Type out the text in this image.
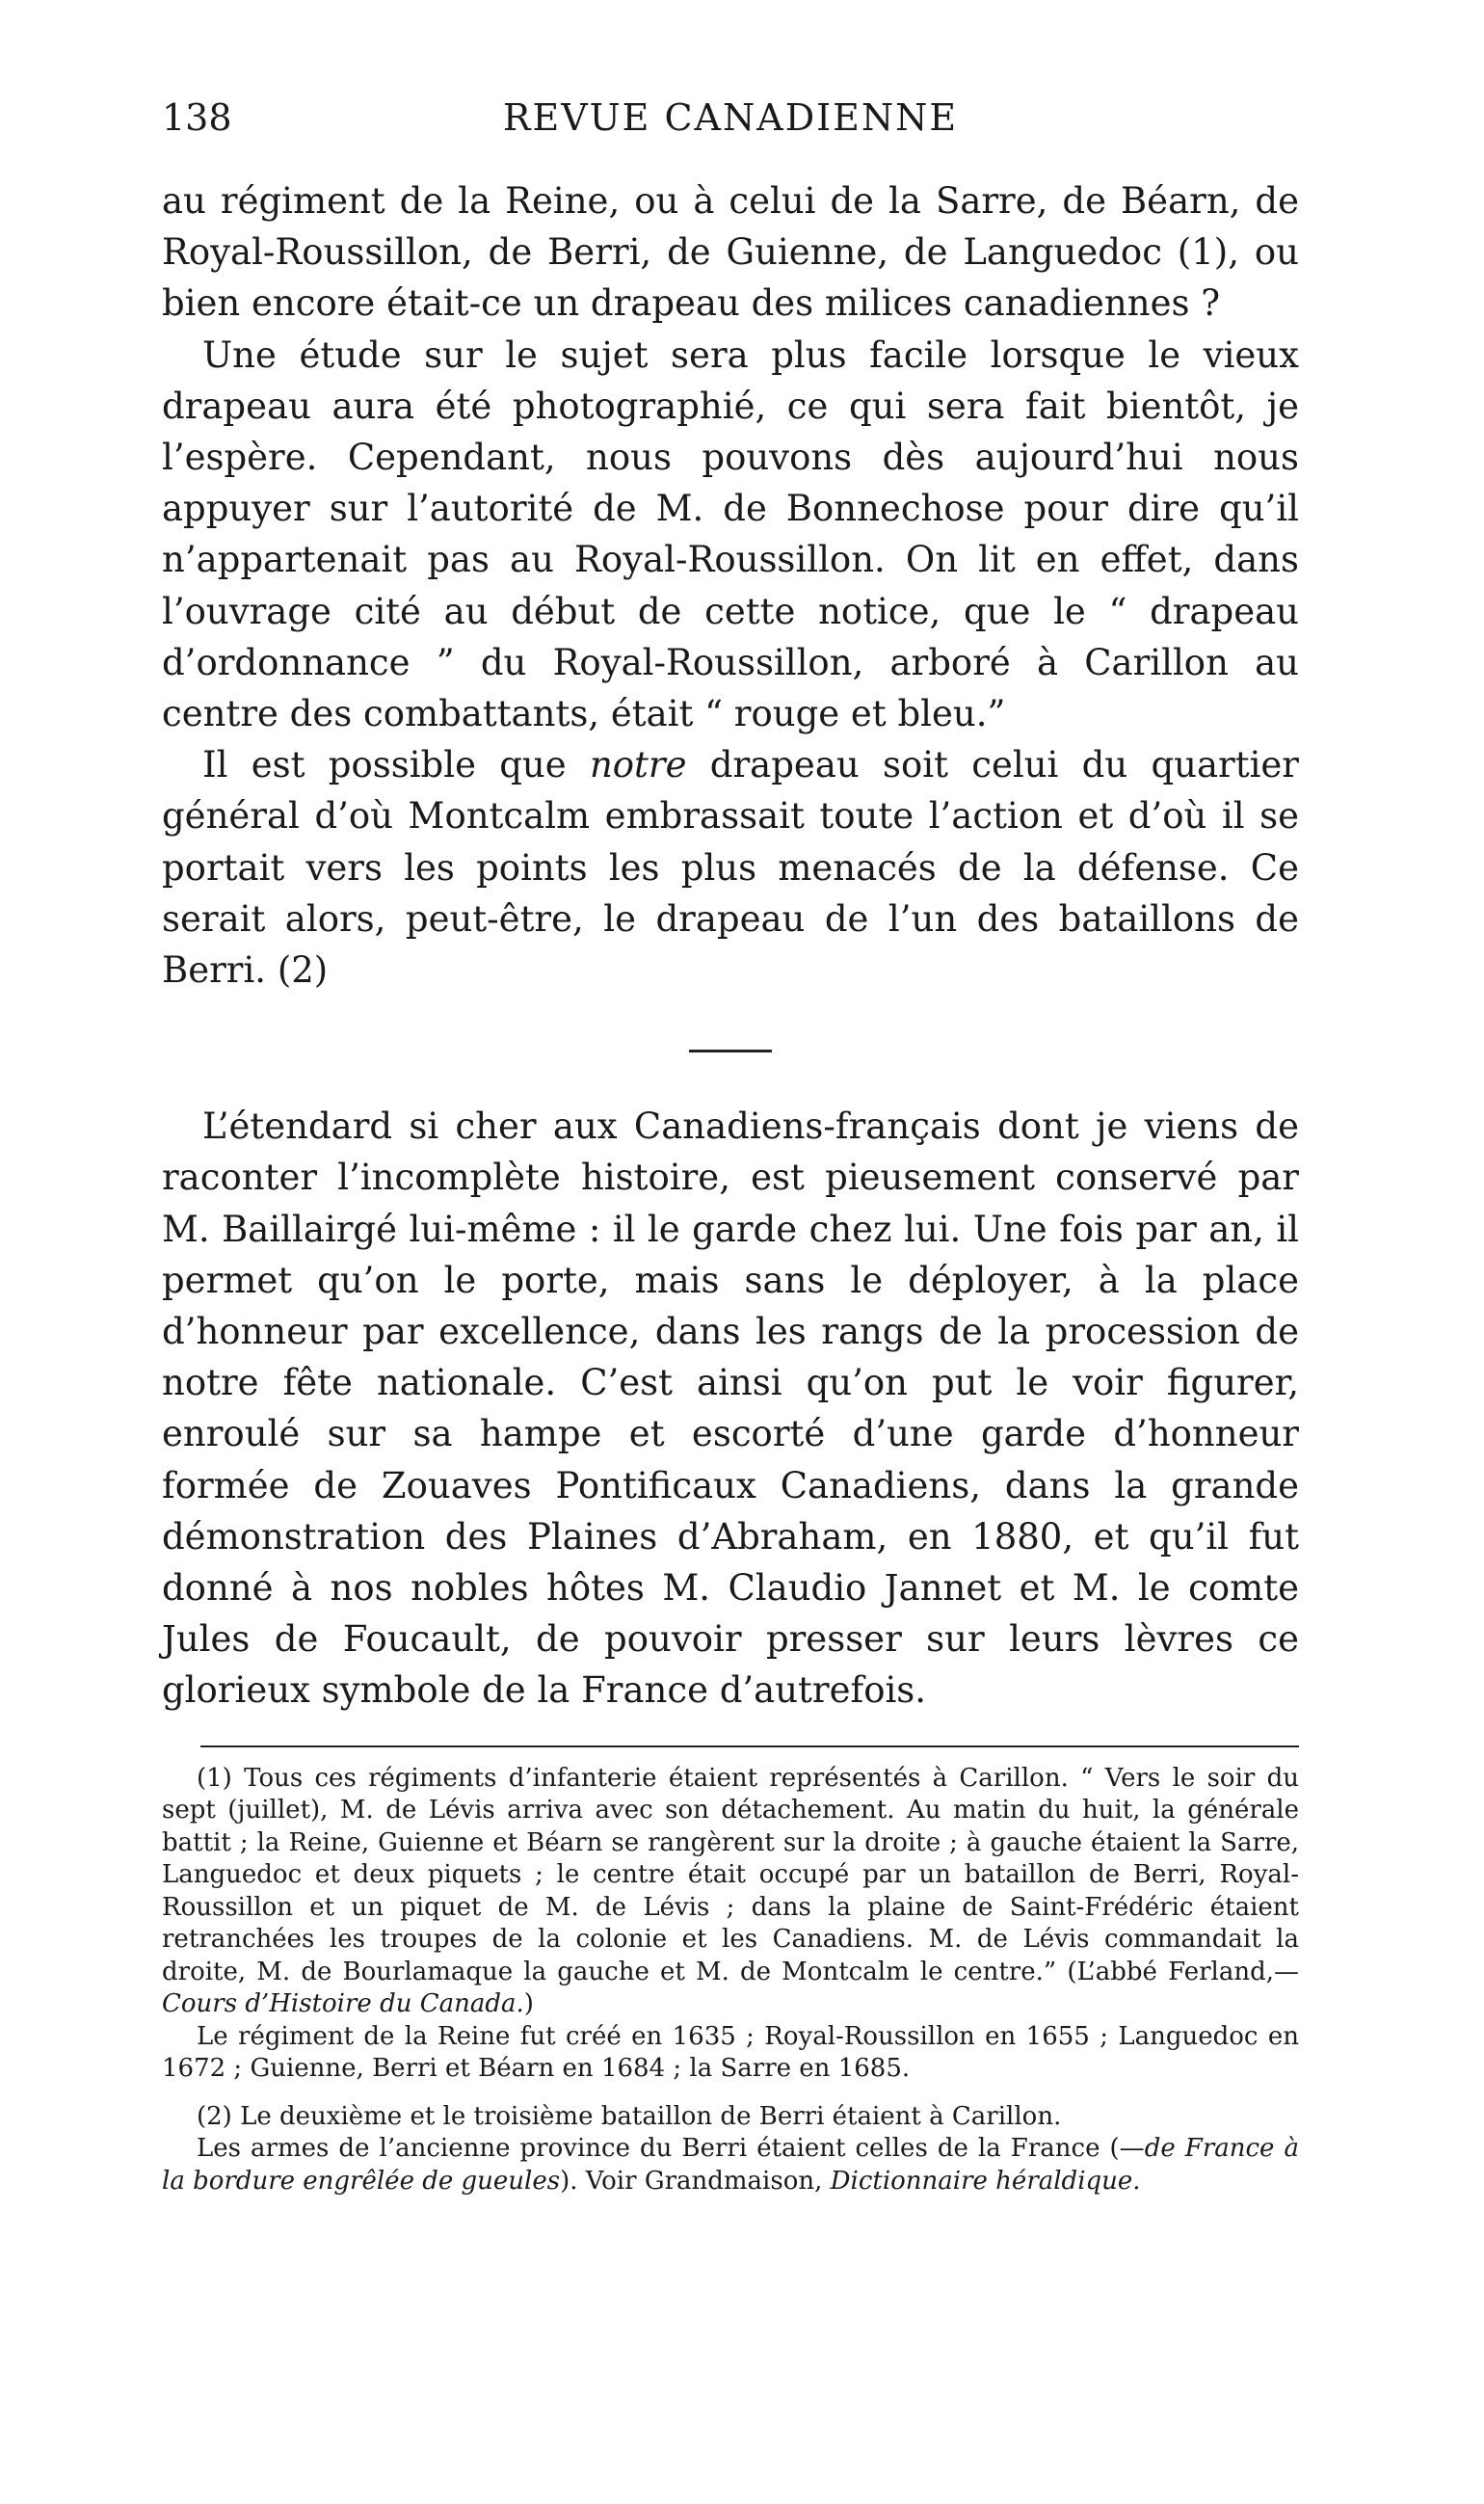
138	REVUE CANADIENNE

au régiment de la Reine, ou à celui de la Sarre, de Béarn, de Royal-Roussillon, de Berri, de Guienne, de Languedoc (1), ou bien encore était-ce un drapeau des milices canadiennes ?

Une étude sur le sujet sera plus facile lorsque le vieux drapeau aura été photographié, ce qui sera fait bientôt, je l’espère. Cependant, nous pouvons dès aujourd’hui nous appuyer sur l’autorité de M. de Bonnechose pour dire qu’il n’appartenait pas au Royal-Roussillon. On lit en effet, dans l’ouvrage cité au début de cette notice, que le “ drapeau d’ordonnance ” du Royal-Roussillon, arboré à Carillon au centre des combattants, était “ rouge et bleu.”

Il est possible que notre drapeau soit celui du quartier général d’où Montcalm embrassait toute l’action et d’où il se portait vers les points les plus menacés de la défense. Ce serait alors, peut-être, le drapeau de l’un des bataillons de Berri. (2)

L’étendard si cher aux Canadiens-français dont je viens de raconter l’incomplète histoire, est pieusement conservé par M. Baillairgé lui-même : il le garde chez lui. Une fois par an, il permet qu’on le porte, mais sans le déployer, à la place d’honneur par excellence, dans les rangs de la procession de notre fête nationale. C’est ainsi qu’on put le voir figurer, enroulé sur sa hampe et escorté d’une garde d’honneur formée de Zouaves Pontificaux Canadiens, dans la grande démonstration des Plaines d’Abraham, en 1880, et qu’il fut donné à nos nobles hôtes M. Claudio Jannet et M. le comte Jules de Foucault, de pouvoir presser sur leurs lèvres ce glorieux symbole de la France d’autrefois.

(1) Tous ces régiments d’infanterie étaient représentés à Carillon. “ Vers le soir du sept (juillet), M. de Lévis arriva avec son détachement. Au matin du huit, la générale battit ; la Reine, Guienne et Béarn se rangèrent sur la droite ; à gauche étaient la Sarre, Languedoc et deux piquets ; le centre était occupé par un bataillon de Berri, Royal-Roussillon et un piquet de M. de Lévis ; dans la plaine de Saint-Frédéric étaient retranchées les troupes de la colonie et les Canadiens. M. de Lévis commandait la droite, M. de Bourlamaque la gauche et M. de Montcalm le centre.” (L’abbé Ferland,—Cours d’Histoire du Canada.)

Le régiment de la Reine fut créé en 1635 ; Royal-Roussillon en 1655 ; Languedoc en 1672 ; Guienne, Berri et Béarn en 1684 ; la Sarre en 1685.

(2) Le deuxième et le troisième bataillon de Berri étaient à Carillon.

Les armes de l’ancienne province du Berri étaient celles de la France (—de France à la bordure engrêlée de gueules). Voir Grandmaison, Dictionnaire héraldique.
